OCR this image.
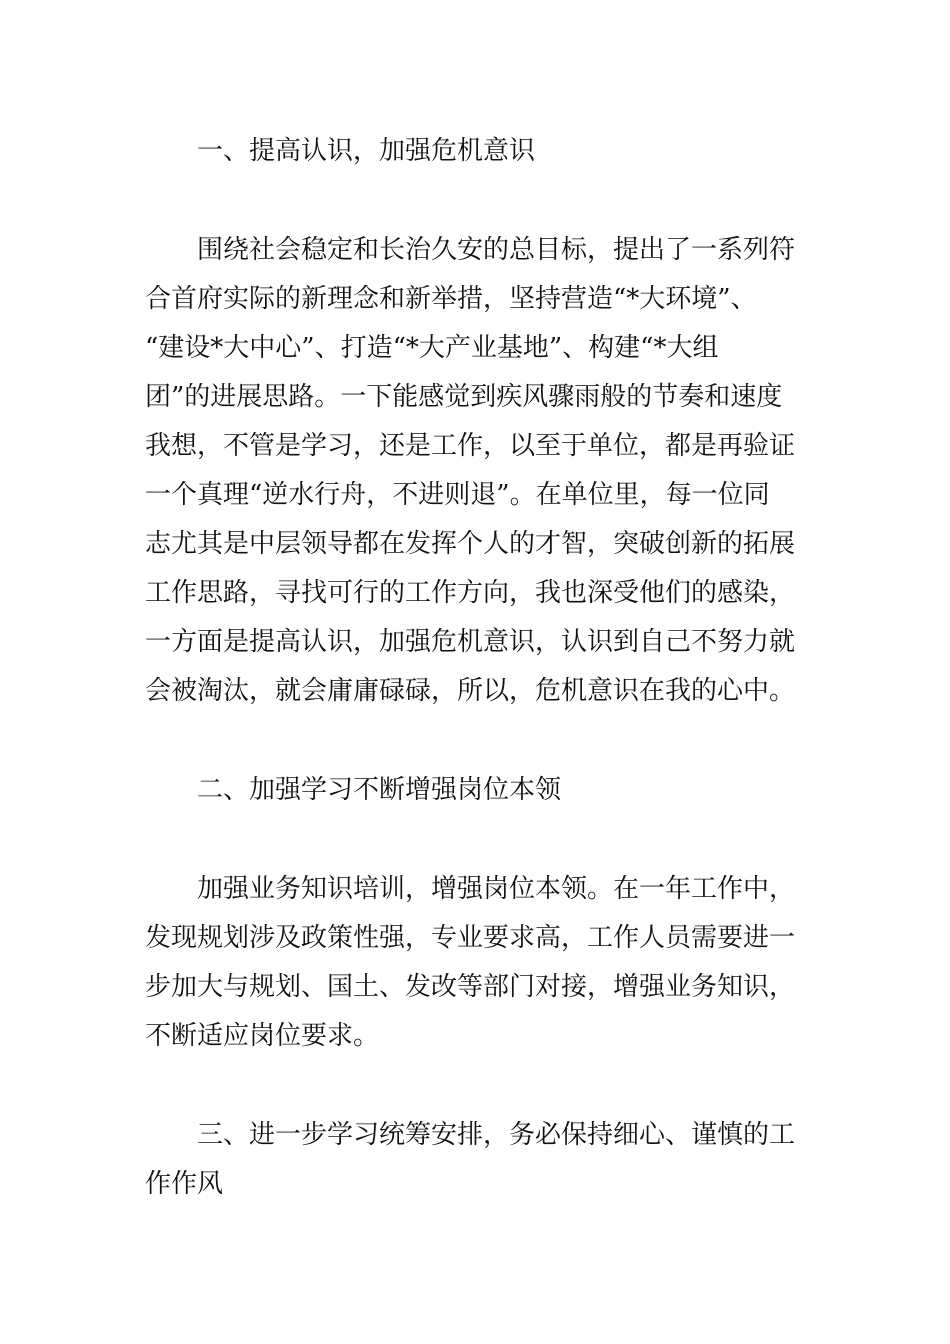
一、提高认识，加强危机意识
围绕社会稳定和长治久安的总目标，提出了一系列符
合首府实际的新理念和新举措，坚持营造“*大环境”、
“建设*大中心”、打造“*大产业基地”、构建“*大组
团”的进展思路。一下能感觉到疾风骤雨般的节奏和速度
我想，不管是学习，还是工作，以至于单位，都是再验证
一个真理“逆水行舟，不进则退”。在单位里，每一位同
志尤其是中层领导都在发挥个人的才智，突破创新的拓展
工作思路，寻找可行的工作方向，我也深受他们的感染，
一方面是提高认识，加强危机意识，认识到自己不努力就
会被淘汰，就会庸庸碌碌，所以，危机意识在我的心中。
二、加强学习不断增强岗位本领
加强业务知识培训，增强岗位本领。在一年工作中，
发现规划涉及政策性强，专业要求高，工作人员需要进一
步加大与规划、国土、发改等部门对接，增强业务知识，
不断适应岗位要求。
三、进一步学习统筹安排，务必保持细心、谨慎的工
作作风
